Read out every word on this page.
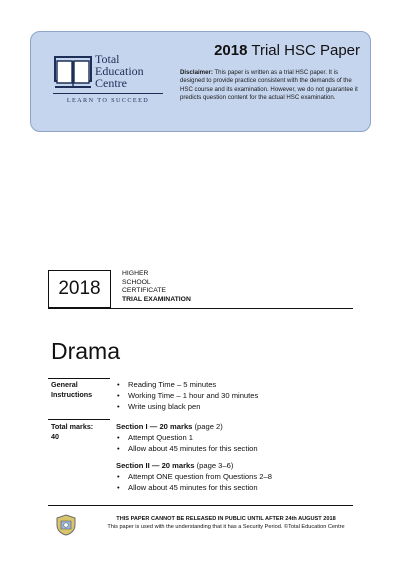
Total
Education
Centre
LEARN TO SUCCEED
2018 Trial HSC Paper
Disclaimer: This paper is written as a trial HSC paper. It is designed to provide practice consistent with the demands of the HSC course and its examination. However, we do not guarantee it predicts question content for the actual HSC examination.
2018
HIGHER
SCHOOL
CERTIFICATE
TRIAL EXAMINATION
Drama
General
Instructions
• Reading Time – 5 minutes
• Working Time – 1 hour and 30 minutes
• Write using black pen
Total marks:
40
Section I — 20 marks (page 2)
• Attempt Question 1
• Allow about 45 minutes for this section
Section II — 20 marks (page 3–6)
• Attempt ONE question from Questions 2–8
• Allow about 45 minutes for this section
THIS PAPER CANNOT BE RELEASED IN PUBLIC UNTIL AFTER 24th AUGUST 2018
This paper is used with the understanding that it has a Security Period. ©Total Education Centre
